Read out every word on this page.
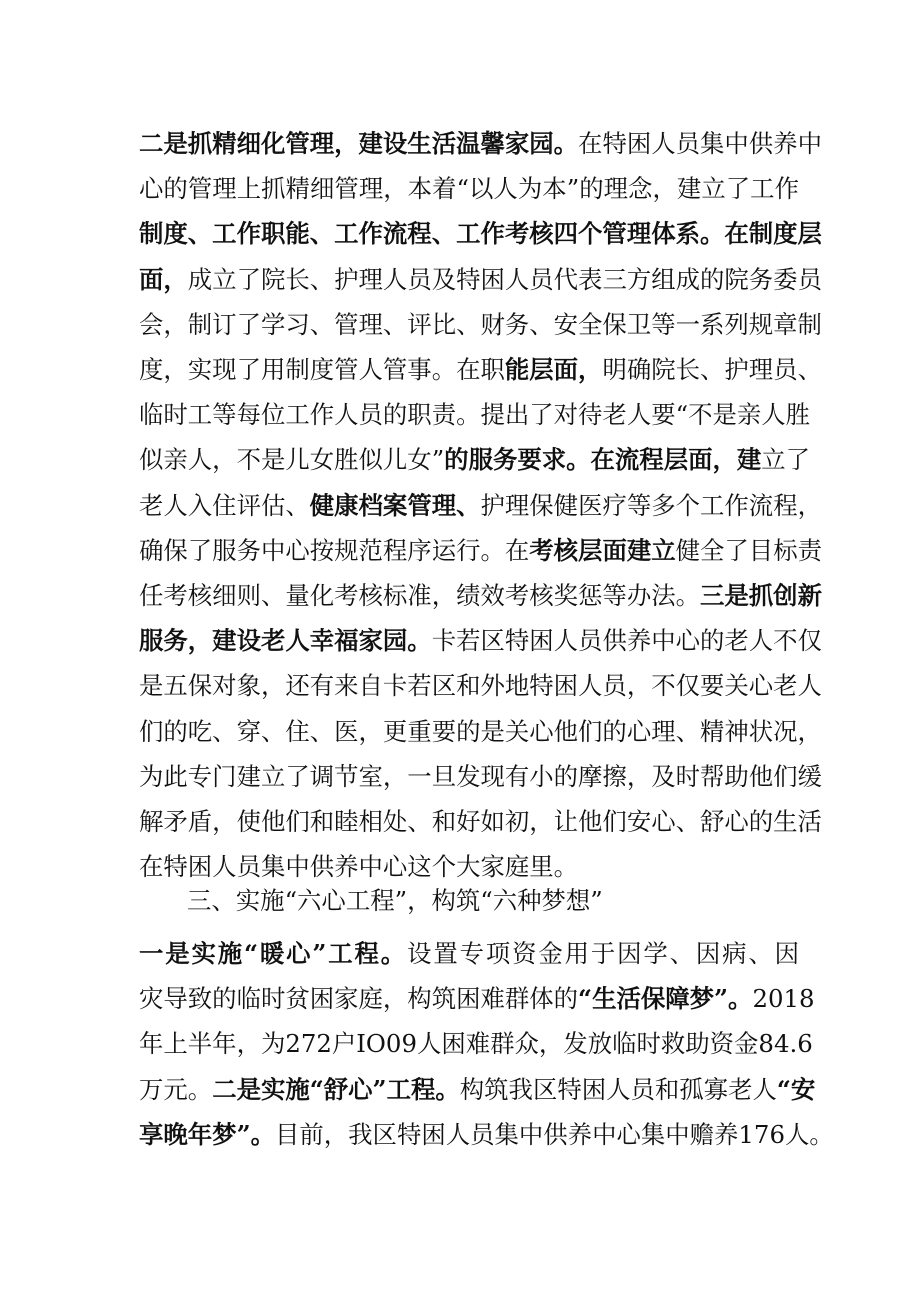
二是抓精细化管理，建设生活温馨家园。在特困人员集中供养中
心的管理上抓精细管理，本着“以人为本”的理念，建立了工作
制度、工作职能、工作流程、工作考核四个管理体系。在制度层
面，成立了院长、护理人员及特困人员代表三方组成的院务委员
会，制订了学习、管理、评比、财务、安全保卫等一系列规章制
度，实现了用制度管人管事。在职能层面，明确院长、护理员、
临时工等每位工作人员的职责。提出了对待老人要“不是亲人胜
似亲人，不是儿女胜似儿女”的服务要求。在流程层面，建立了
老人入住评估、健康档案管理、护理保健医疗等多个工作流程，
确保了服务中心按规范程序运行。在考核层面建立健全了目标责
任考核细则、量化考核标准，绩效考核奖惩等办法。三是抓创新
服务，建设老人幸福家园。卡若区特困人员供养中心的老人不仅
是五保对象，还有来自卡若区和外地特困人员，不仅要关心老人
们的吃、穿、住、医，更重要的是关心他们的心理、精神状况，
为此专门建立了调节室，一旦发现有小的摩擦，及时帮助他们缓
解矛盾，使他们和睦相处、和好如初，让他们安心、舒心的生活
在特困人员集中供养中心这个大家庭里。
三、实施“六心工程”，构筑“六种梦想”
一是实施“暖心”工程。设置专项资金用于因学、因病、因
灾导致的临时贫困家庭，构筑困难群体的“生活保障梦”。2018
年上半年，为272户IO09人困难群众，发放临时救助资金84.6
万元。二是实施“舒心”工程。构筑我区特困人员和孤寡老人“安
享晚年梦”。目前，我区特困人员集中供养中心集中赡养176人。
